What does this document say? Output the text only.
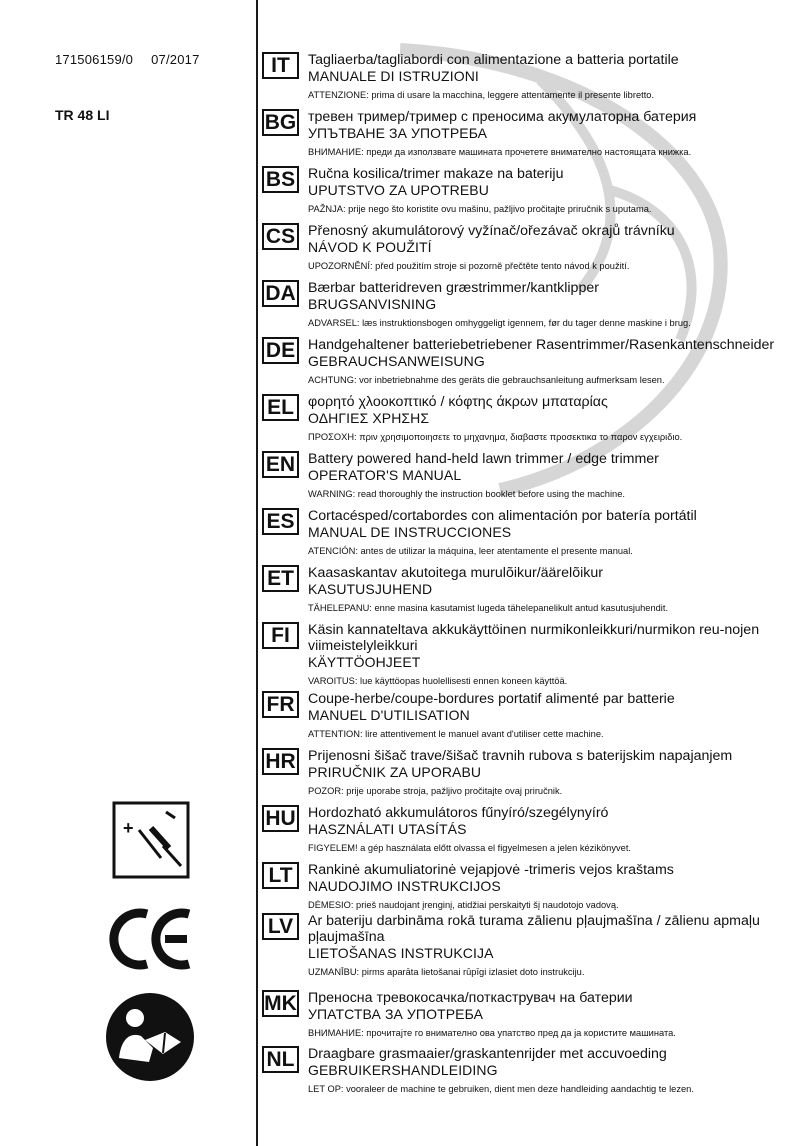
171506159/0 07/2017
TR 48 LI
IT	Tagliaerba/tagliabordi con alimentazione a batteria portatile
MANUALE DI ISTRUZIONI
ATTENZIONE: prima di usare la macchina, leggere attentamente il presente libretto.
BG тревен тример/тример с преносима акумулаторна батерия
УПЪТВАНЕ ЗА УПОТРЕБА
ВНИМАНИЕ: преди да използвате машината прочетете внимателно настоящата книжка.
BS Ručna kosilica/trimer makaze na bateriju
UPUTSTVO ZA UPOTREBU
PAŽNJA: prije nego što koristite ovu mašinu, pažljivo pročitajte priručnik s uputama.
CS Přenosný akumulátorový vyžínač/ořezávač okrajů trávníku
NÁVOD K POUŽITÍ
UPOZORNĚNÍ: před použitím stroje si pozorně přečtěte tento návod k použití.
DA Bærbar batteridreven græstrimmer/kantklipper
BRUGSANVISNING
ADVARSEL: læs instruktionsbogen omhyggeligt igennem, før du tager denne maskine i brug.
DE Handgehaltener batteriebetriebener Rasentrimmer/Rasenkantenschneider
GEBRAUCHSANWEISUNG
ACHTUNG: vor inbetriebnahme des geräts die gebrauchsanleitung aufmerksam lesen.
EL φορητό χλοοκοπτικό / κόφτης άκρων μπαταρίας
ΟΔΗΓΙΕΣ ΧΡΗΣΗΣ
ΠΡΟΣΟΧΗ: πριν χρησιμοποιησετε το μηχανημα, διαβαστε προσεκτικα το παρον εγχειριδιο.
EN Battery powered hand-held lawn trimmer / edge trimmer
OPERATOR'S MANUAL
WARNING: read thoroughly the instruction booklet before using the machine.
ES Cortacésped/cortabordes con alimentación por batería portátil
MANUAL DE INSTRUCCIONES
ATENCIÓN: antes de utilizar la máquina, leer atentamente el presente manual.
ET Kaasaskantav akutoitega murulõikur/äärelõikur
KASUTUSJUHEND
TÄHELEPANU: enne masina kasutamist lugeda tähelepanelikult antud kasutusjuhendit.
FI	Käsin kannateltava akkukäyttöinen nurmikonleikkuri/nurmikon reu-nojen viimeistelyleikkuri
KÄYTTÖOHJEET
VAROITUS: lue käyttöopas huolellisesti ennen koneen käyttöä.
FR Coupe-herbe/coupe-bordures portatif alimenté par batterie
MANUEL D'UTILISATION
ATTENTION: lire attentivement le manuel avant d'utiliser cette machine.
HR Prijenosni šišač trave/šišač travnih rubova s baterijskim napajanjem
PRIRUČNIK ZA UPORABU
POZOR: prije uporabe stroja, pažljivo pročitajte ovaj priručnik.
HU Hordozható akkumulátoros fűnyíró/szegélynyíró
HASZNÁLATI UTASÍTÁS
FIGYELEM! a gép használata előtt olvassa el figyelmesen a jelen kézikönyvet.
LT	Rankinė akumuliatorinė vejapjovė -trimeris vejos kraštams
NAUDOJIMO INSTRUKCIJOS
DĖMESIO: prieš naudojant įrenginį, atidžiai perskaityti šį naudotojo vadovą.
LV	Ar bateriju darbināma rokā turama zālienu pļaujmašīna / zālienu apmaļu pļaujmašīna
LIETOŠANAS INSTRUKCIJA
UZMANĪBU: pirms aparāta lietošanai rūpīgi izlasiet doto instrukciju.
MK Преносна тревокосачка/поткаструвач на батерии
УПАТСТВА ЗА УПОТРЕБА
ВНИМАНИЕ: прочитајте го внимателно ова упатство пред да ја користите машината.
NL Draagbare grasmaaier/graskantenrijder met accuvoeding
GEBRUIKERSHANDLEIDING
LET OP: vooraleer de machine te gebruiken, dient men deze handleiding aandachtig te lezen.
+
